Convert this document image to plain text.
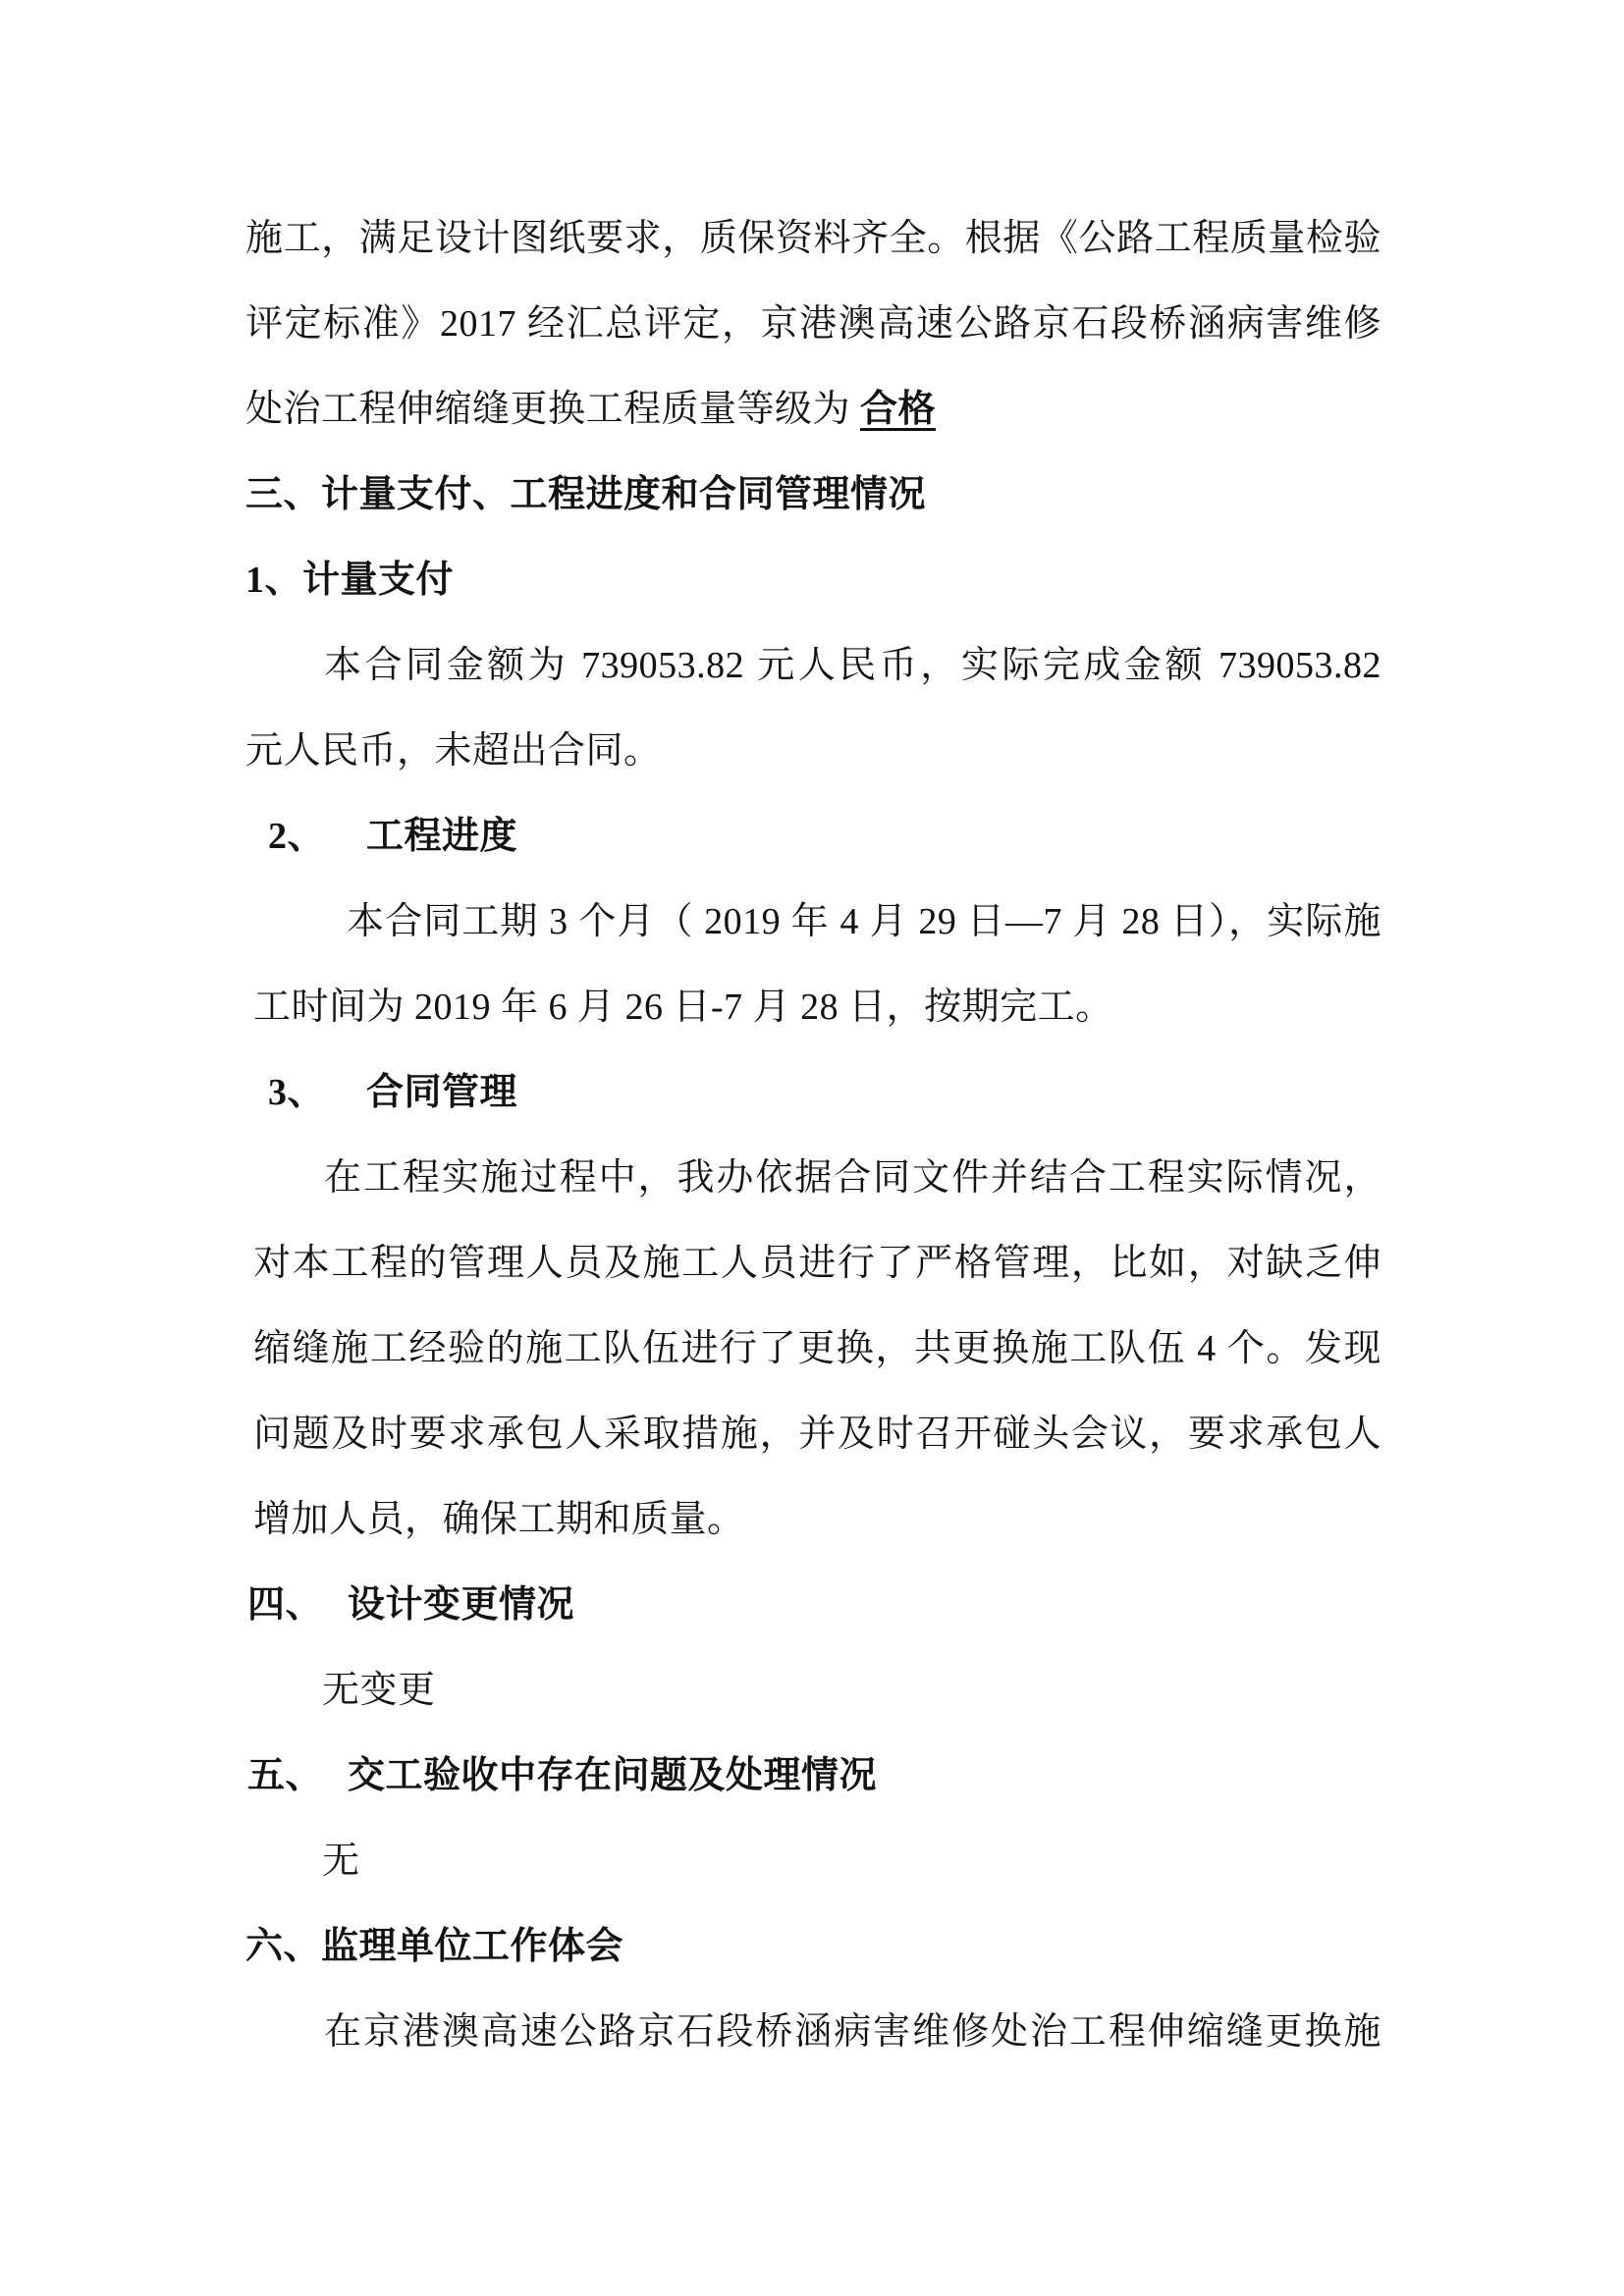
施工，满足设计图纸要求，质保资料齐全。根据《公路工程质量检验
评定标准》2017 经汇总评定，京港澳高速公路京石段桥涵病害维修
处治工程伸缩缝更换工程质量等级为 合格
三、计量支付、工程进度和合同管理情况
1、计量支付
本合同金额为 739053.82 元人民币，实际完成金额 739053.82
元人民币，未超出合同。
2、 工程进度
本合同工期 3 个月（ 2019 年 4 月 29 日—7 月 28 日），实际施
工时间为 2019 年 6 月 26 日-7 月 28 日，按期完工。
3、 合同管理
在工程实施过程中，我办依据合同文件并结合工程实际情况，
对本工程的管理人员及施工人员进行了严格管理，比如，对缺乏伸
缩缝施工经验的施工队伍进行了更换，共更换施工队伍 4 个。发现
问题及时要求承包人采取措施，并及时召开碰头会议，要求承包人
增加人员，确保工期和质量。
四、 设计变更情况
无变更
五、 交工验收中存在问题及处理情况
无
六、监理单位工作体会
在京港澳高速公路京石段桥涵病害维修处治工程伸缩缝更换施
